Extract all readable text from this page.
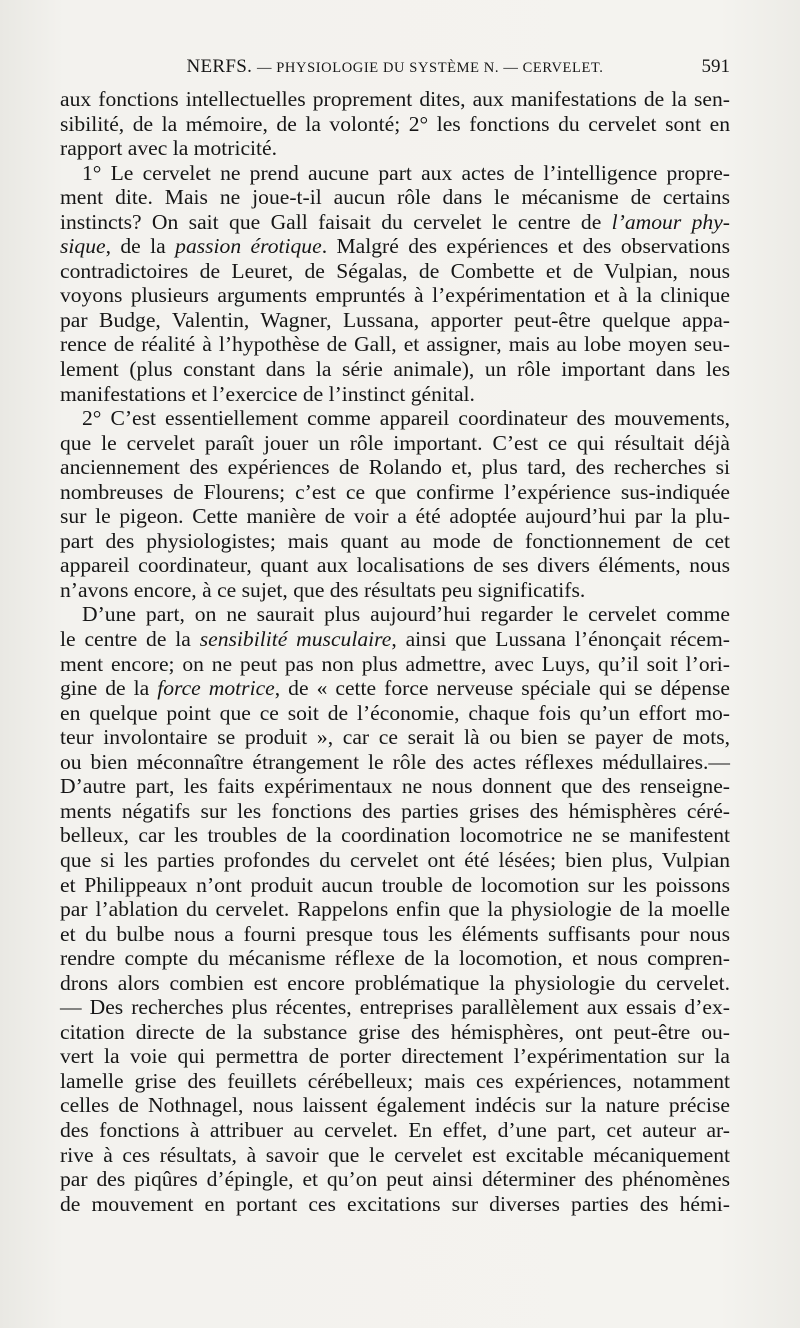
NERFS. — PHYSIOLOGIE DU SYSTÈME N. — CERVELET.	591
aux fonctions intellectuelles proprement dites, aux manifestations de la sen-
sibilité, de la mémoire, de la volonté; 2° les fonctions du cervelet sont en
rapport avec la motricité.
1° Le cervelet ne prend aucune part aux actes de l’intelligence propre-
ment dite. Mais ne joue-t-il aucun rôle dans le mécanisme de certains
instincts? On sait que Gall faisait du cervelet le centre de l’amour phy-
sique, de la passion érotique. Malgré des expériences et des observations
contradictoires de Leuret, de Ségalas, de Combette et de Vulpian, nous
voyons plusieurs arguments empruntés à l’expérimentation et à la clinique
par Budge, Valentin, Wagner, Lussana, apporter peut-être quelque appa-
rence de réalité à l’hypothèse de Gall, et assigner, mais au lobe moyen seu-
lement (plus constant dans la série animale), un rôle important dans les
manifestations et l’exercice de l’instinct génital.
2° C’est essentiellement comme appareil coordinateur des mouvements,
que le cervelet paraît jouer un rôle important. C’est ce qui résultait déjà
anciennement des expériences de Rolando et, plus tard, des recherches si
nombreuses de Flourens; c’est ce que confirme l’expérience sus-indiquée
sur le pigeon. Cette manière de voir a été adoptée aujourd’hui par la plu-
part des physiologistes; mais quant au mode de fonctionnement de cet
appareil coordinateur, quant aux localisations de ses divers éléments, nous
n’avons encore, à ce sujet, que des résultats peu significatifs.
D’une part, on ne saurait plus aujourd’hui regarder le cervelet comme
le centre de la sensibilité musculaire, ainsi que Lussana l’énonçait récem-
ment encore; on ne peut pas non plus admettre, avec Luys, qu’il soit l’ori-
gine de la force motrice, de « cette force nerveuse spéciale qui se dépense
en quelque point que ce soit de l’économie, chaque fois qu’un effort mo-
teur involontaire se produit », car ce serait là ou bien se payer de mots,
ou bien méconnaître étrangement le rôle des actes réflexes médullaires.—
D’autre part, les faits expérimentaux ne nous donnent que des renseigne-
ments négatifs sur les fonctions des parties grises des hémisphères céré-
belleux, car les troubles de la coordination locomotrice ne se manifestent
que si les parties profondes du cervelet ont été lésées; bien plus, Vulpian
et Philippeaux n’ont produit aucun trouble de locomotion sur les poissons
par l’ablation du cervelet. Rappelons enfin que la physiologie de la moelle
et du bulbe nous a fourni presque tous les éléments suffisants pour nous
rendre compte du mécanisme réflexe de la locomotion, et nous compren-
drons alors combien est encore problématique la physiologie du cervelet.
— Des recherches plus récentes, entreprises parallèlement aux essais d’ex-
citation directe de la substance grise des hémisphères, ont peut-être ou-
vert la voie qui permettra de porter directement l’expérimentation sur la
lamelle grise des feuillets cérébelleux; mais ces expériences, notamment
celles de Nothnagel, nous laissent également indécis sur la nature précise
des fonctions à attribuer au cervelet. En effet, d’une part, cet auteur ar-
rive à ces résultats, à savoir que le cervelet est excitable mécaniquement
par des piqûres d’épingle, et qu’on peut ainsi déterminer des phénomènes
de mouvement en portant ces excitations sur diverses parties des hémi-
